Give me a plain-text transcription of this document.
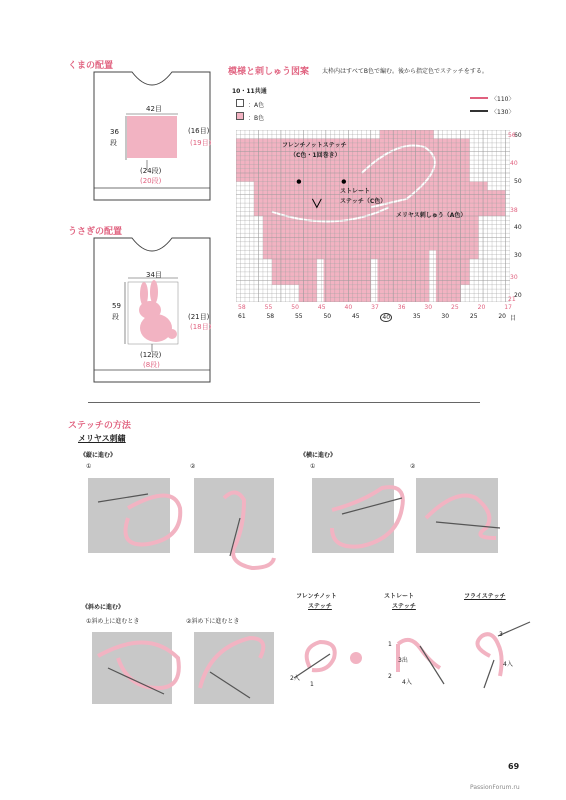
くまの配置
42目
36
段
(16目)
(19目)
(24段)
(20段)
うさぎの配置
34目
59
段	(21目)
(18目)
(12段)
(8段)
模様と刺しゅう図案 太枠内はすべてB色で編む。後から指定色でステッチをする。
10・11共通
：A色
：B色
〈110〉
〈130〉
フレンチノットステッチ
（C色・1回巻き）
ストレート
ステッチ（C色）
メリヤス刺しゅう（A色）
60
50
40
30
20
56
40
38
30
21
58	55	50	45	40	37	36	30	25	20	17
61	58	55	50	45	40	35	30	25	20 目
ステッチの方法
メリヤス刺繍
《縦に進む》	《横に進む》
①	②	①	②
《斜めに進む》
①斜め上に進むとき	②斜め下に進むとき
フレンチノット
ステッチ
ストレート
ステッチ
フライステッチ
2入
1
1
3出
2
4入
3
4入
69
PassionForum.ru
